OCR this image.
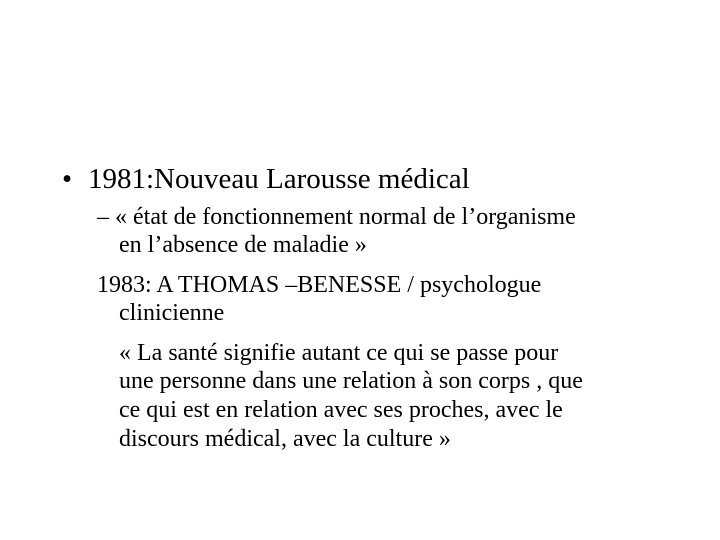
• 1981:Nouveau Larousse médical
– « état de fonctionnement normal de l’organisme
en l’absence de maladie »
1983: A THOMAS –BENESSE / psychologue
clinicienne
« La santé signifie autant ce qui se passe pour
une personne dans une relation à son corps , que
ce qui est en relation avec ses proches, avec le
discours médical, avec la culture »
